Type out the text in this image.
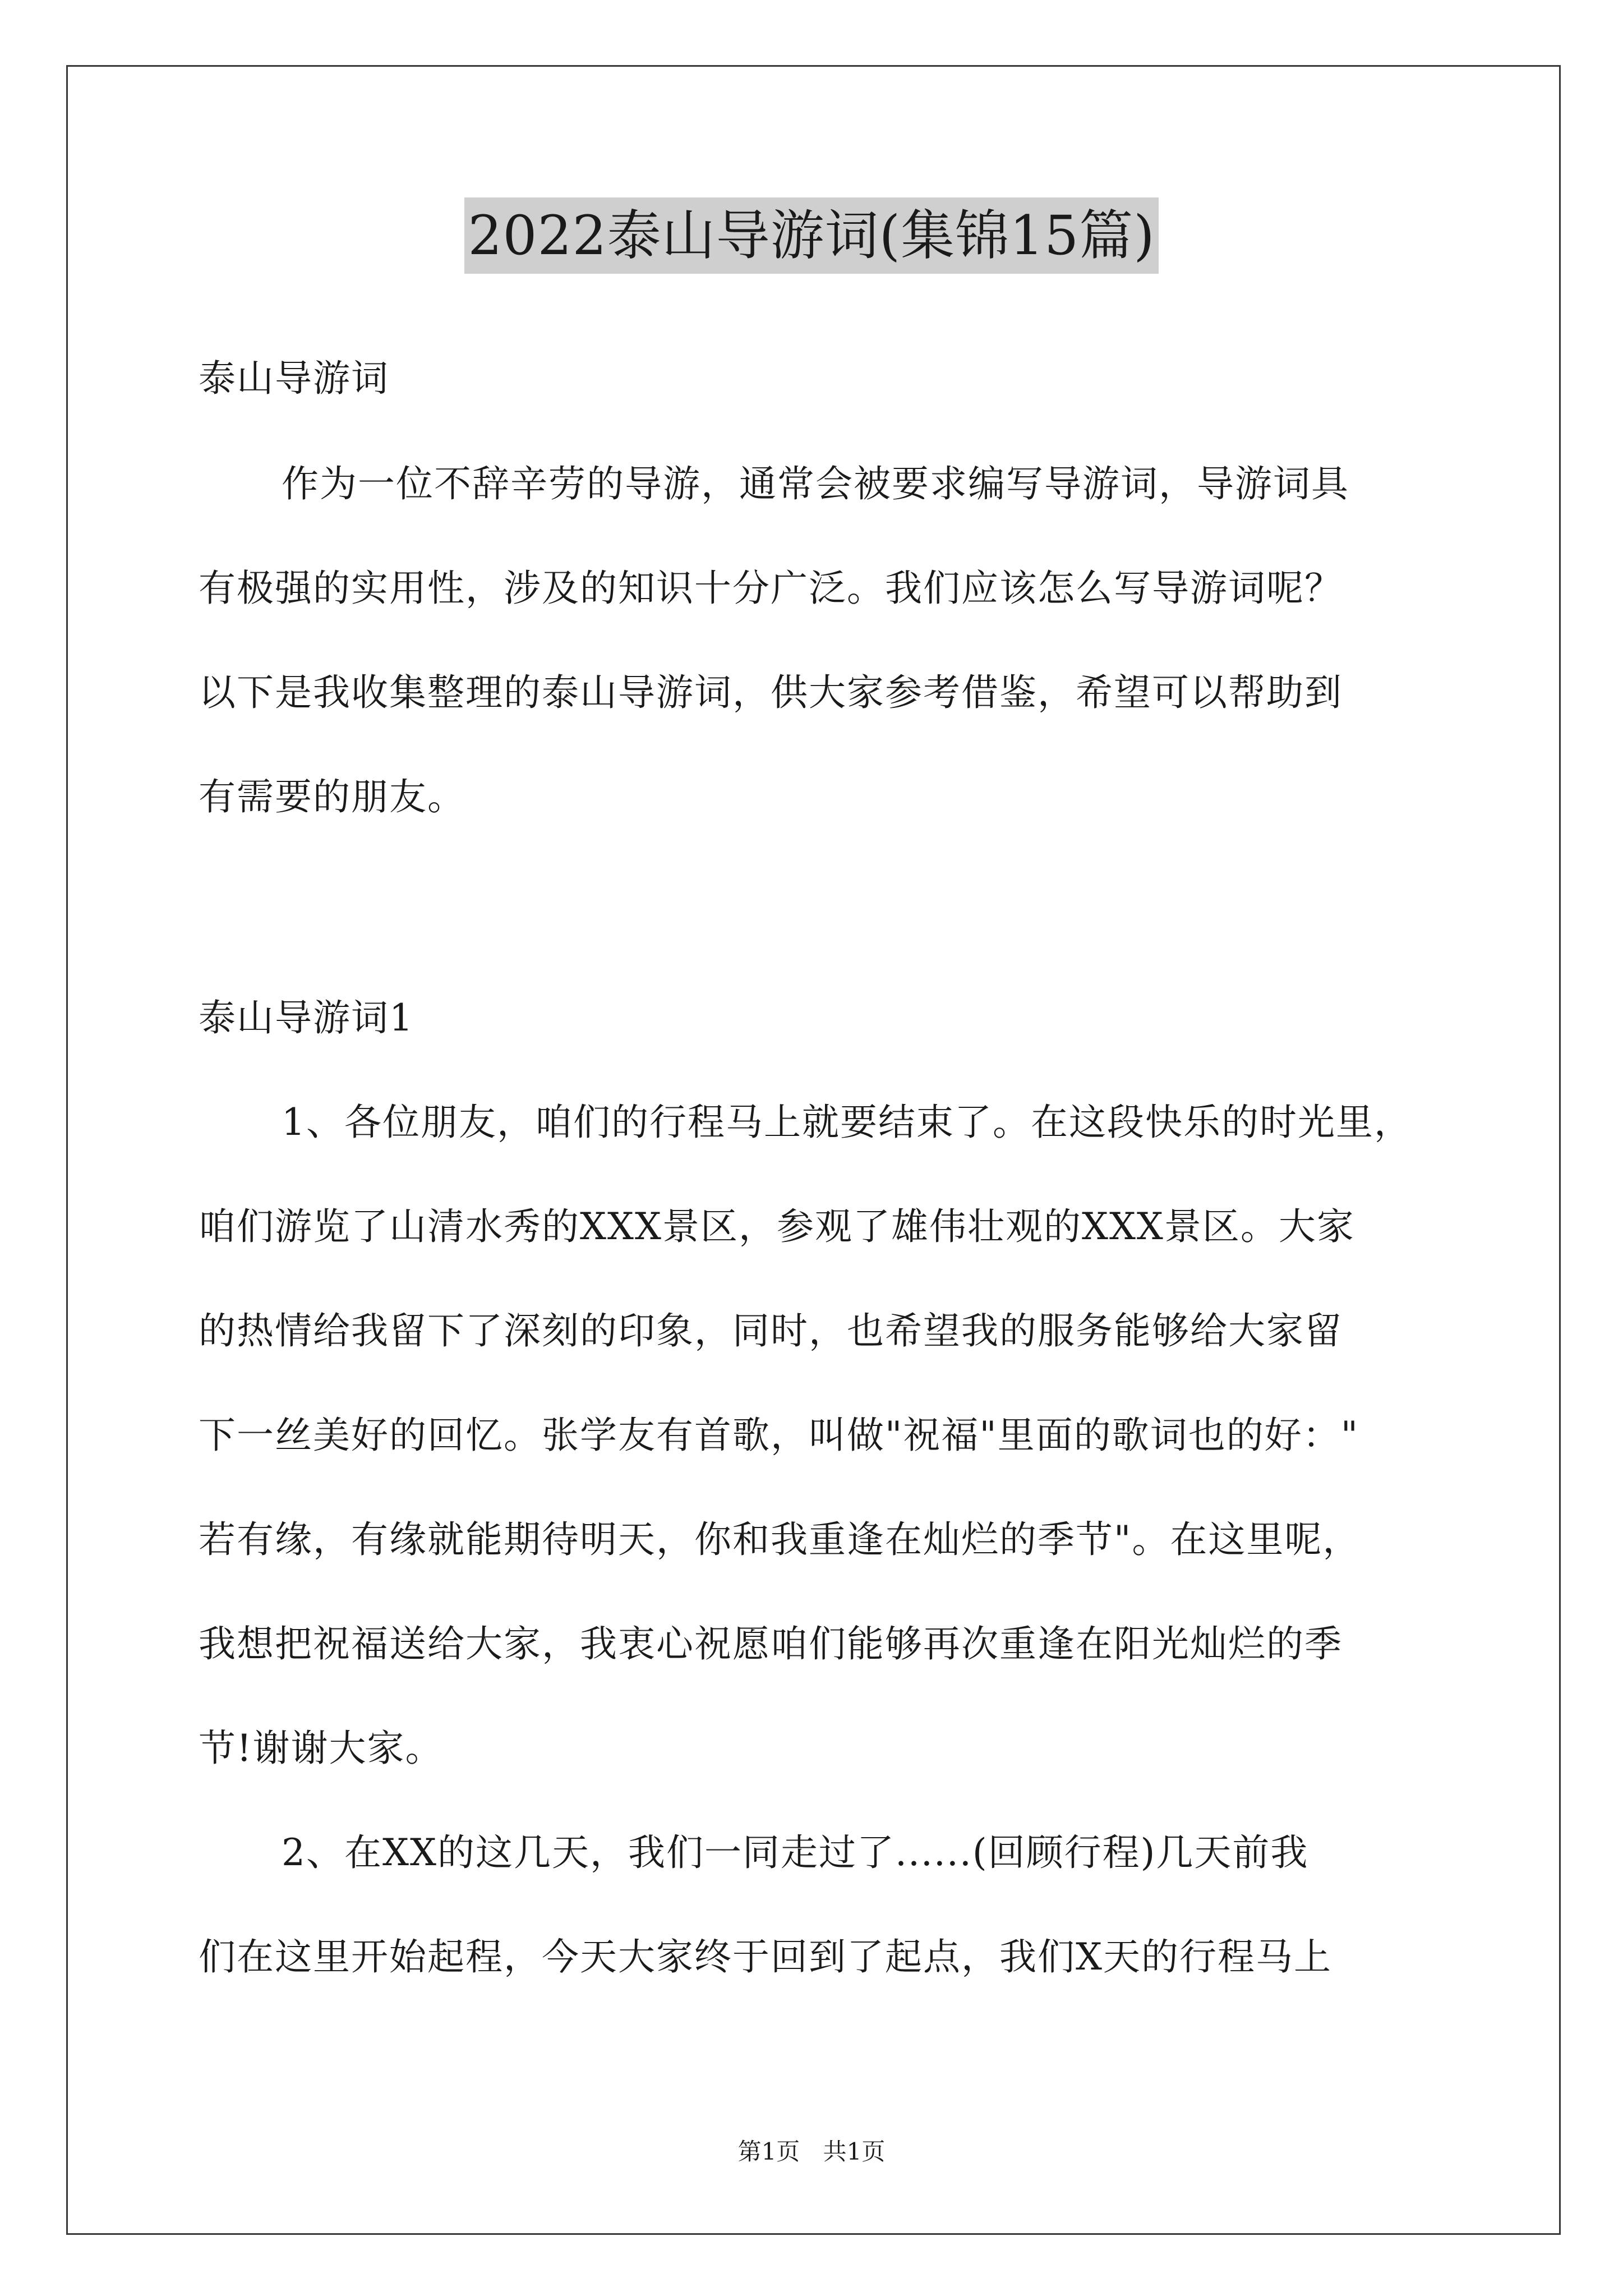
2022泰山导游词(集锦15篇)

泰山导游词

作为一位不辞辛劳的导游，通常会被要求编写导游词，导游词具

有极强的实用性，涉及的知识十分广泛。我们应该怎么写导游词呢？

以下是我收集整理的泰山导游词，供大家参考借鉴，希望可以帮助到

有需要的朋友。

泰山导游词1

1、各位朋友，咱们的行程马上就要结束了。在这段快乐的时光里，

咱们游览了山清水秀的XXX景区，参观了雄伟壮观的XXX景区。大家

的热情给我留下了深刻的印象，同时，也希望我的服务能够给大家留

下一丝美好的回忆。张学友有首歌，叫做"祝福"里面的歌词也的好："

若有缘，有缘就能期待明天，你和我重逢在灿烂的季节"。在这里呢，

我想把祝福送给大家，我衷心祝愿咱们能够再次重逢在阳光灿烂的季

节!谢谢大家。

2、在XX的这几天，我们一同走过了......(回顾行程)几天前我

们在这里开始起程，今天大家终于回到了起点，我们X天的行程马上

第1页 共1页
